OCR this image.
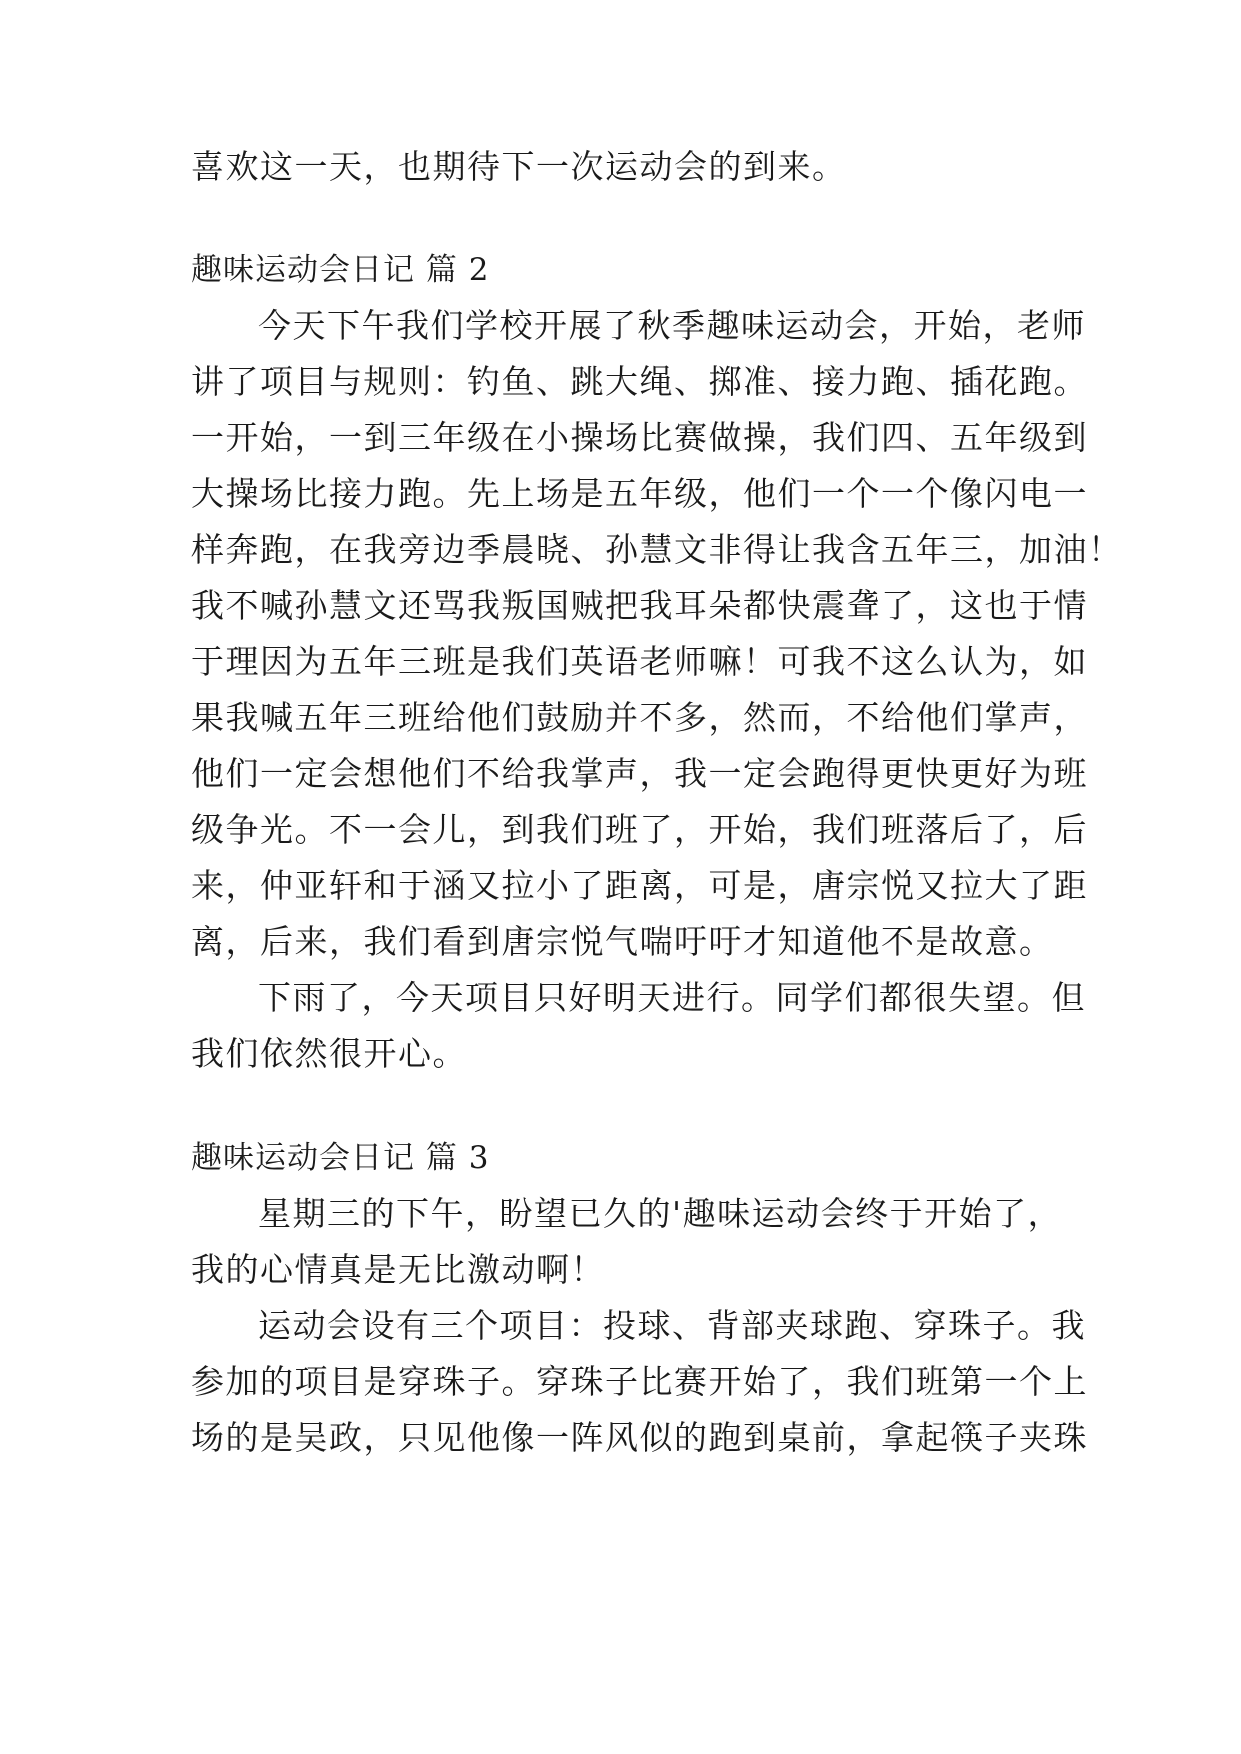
喜欢这一天，也期待下一次运动会的到来。

趣味运动会日记 篇 2

今天下午我们学校开展了秋季趣味运动会，开始，老师

讲了项目与规则：钓鱼、跳大绳、掷准、接力跑、插花跑。

一开始，一到三年级在小操场比赛做操，我们四、五年级到

大操场比接力跑。先上场是五年级，他们一个一个像闪电一

样奔跑，在我旁边季晨晓、孙慧文非得让我含五年三，加油！

我不喊孙慧文还骂我叛国贼把我耳朵都快震聋了，这也于情

于理因为五年三班是我们英语老师嘛！可我不这么认为，如

果我喊五年三班给他们鼓励并不多，然而，不给他们掌声，

他们一定会想他们不给我掌声，我一定会跑得更快更好为班

级争光。不一会儿，到我们班了，开始，我们班落后了，后

来，仲亚轩和于涵又拉小了距离，可是，唐宗悦又拉大了距

离，后来，我们看到唐宗悦气喘吁吁才知道他不是故意。

下雨了，今天项目只好明天进行。同学们都很失望。但

我们依然很开心。

趣味运动会日记 篇 3

星期三的下午，盼望已久的'趣味运动会终于开始了，

我的心情真是无比激动啊！

运动会设有三个项目：投球、背部夹球跑、穿珠子。我

参加的项目是穿珠子。穿珠子比赛开始了，我们班第一个上

场的是吴政，只见他像一阵风似的跑到桌前，拿起筷子夹珠
